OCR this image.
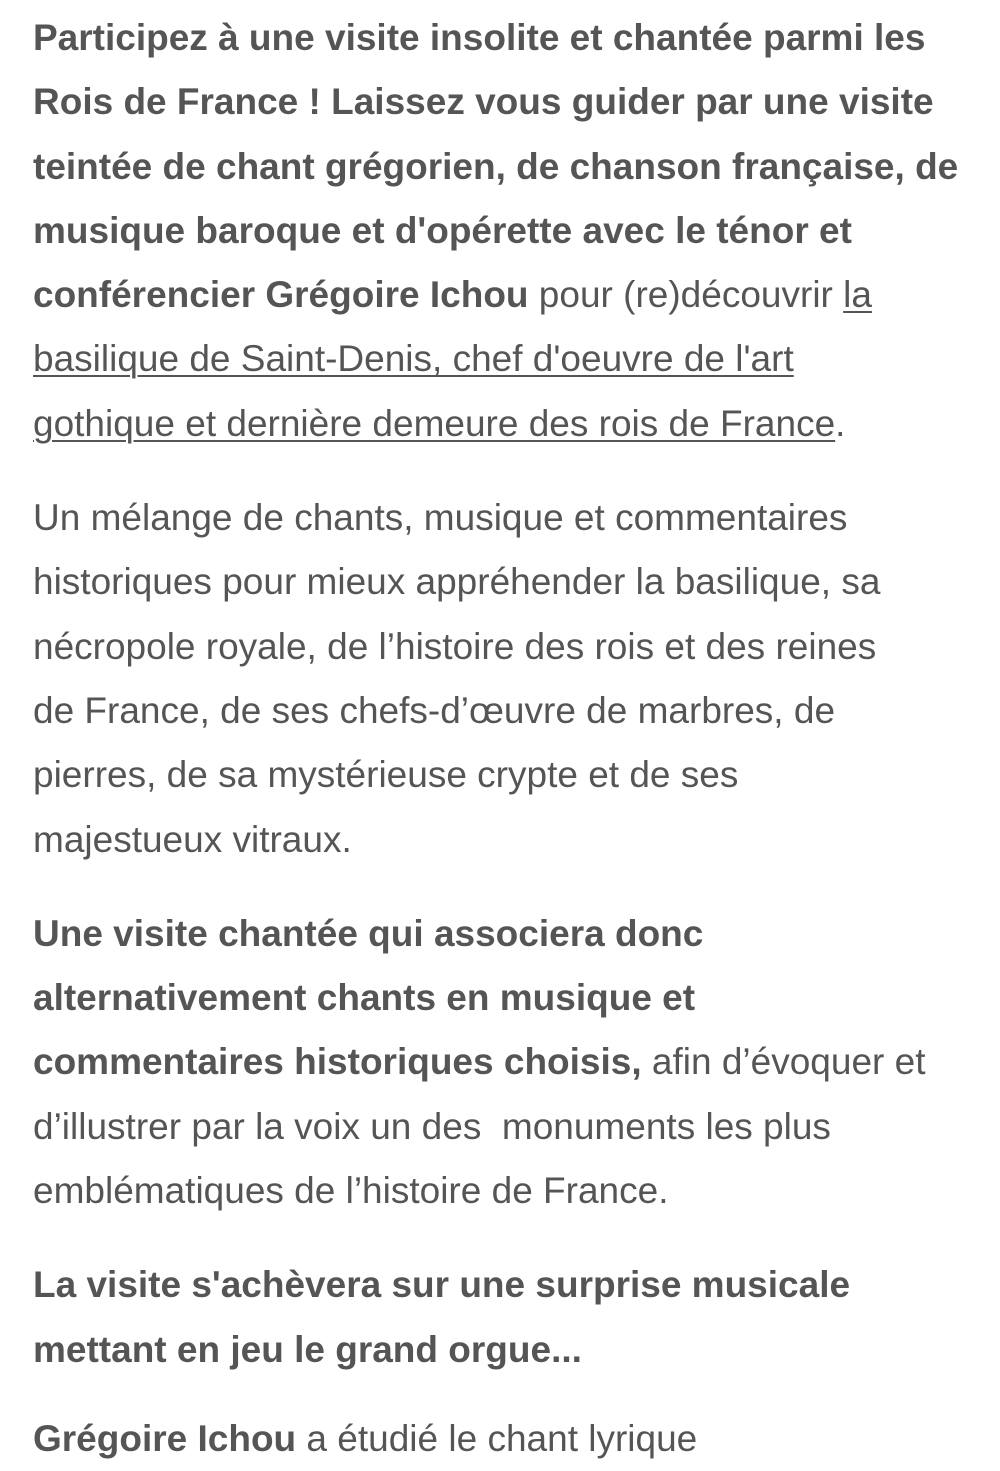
Participez à une visite insolite et chantée parmi les
Rois de France ! Laissez vous guider par une visite
teintée de chant grégorien, de chanson française, de
musique baroque et d'opérette avec le ténor et
conférencier Grégoire Ichou pour (re)découvrir la
basilique de Saint-Denis, chef d'oeuvre de l'art
gothique et dernière demeure des rois de France.

Un mélange de chants, musique et commentaires
historiques pour mieux appréhender la basilique, sa
nécropole royale, de l’histoire des rois et des reines
de France, de ses chefs-d’œuvre de marbres, de
pierres, de sa mystérieuse crypte et de ses
majestueux vitraux.

Une visite chantée qui associera donc
alternativement chants en musique et
commentaires historiques choisis, afin d’évoquer et
d’illustrer par la voix un des  monuments les plus
emblématiques de l’histoire de France.

La visite s'achèvera sur une surprise musicale
mettant en jeu le grand orgue...

Grégoire Ichou a étudié le chant lyrique
